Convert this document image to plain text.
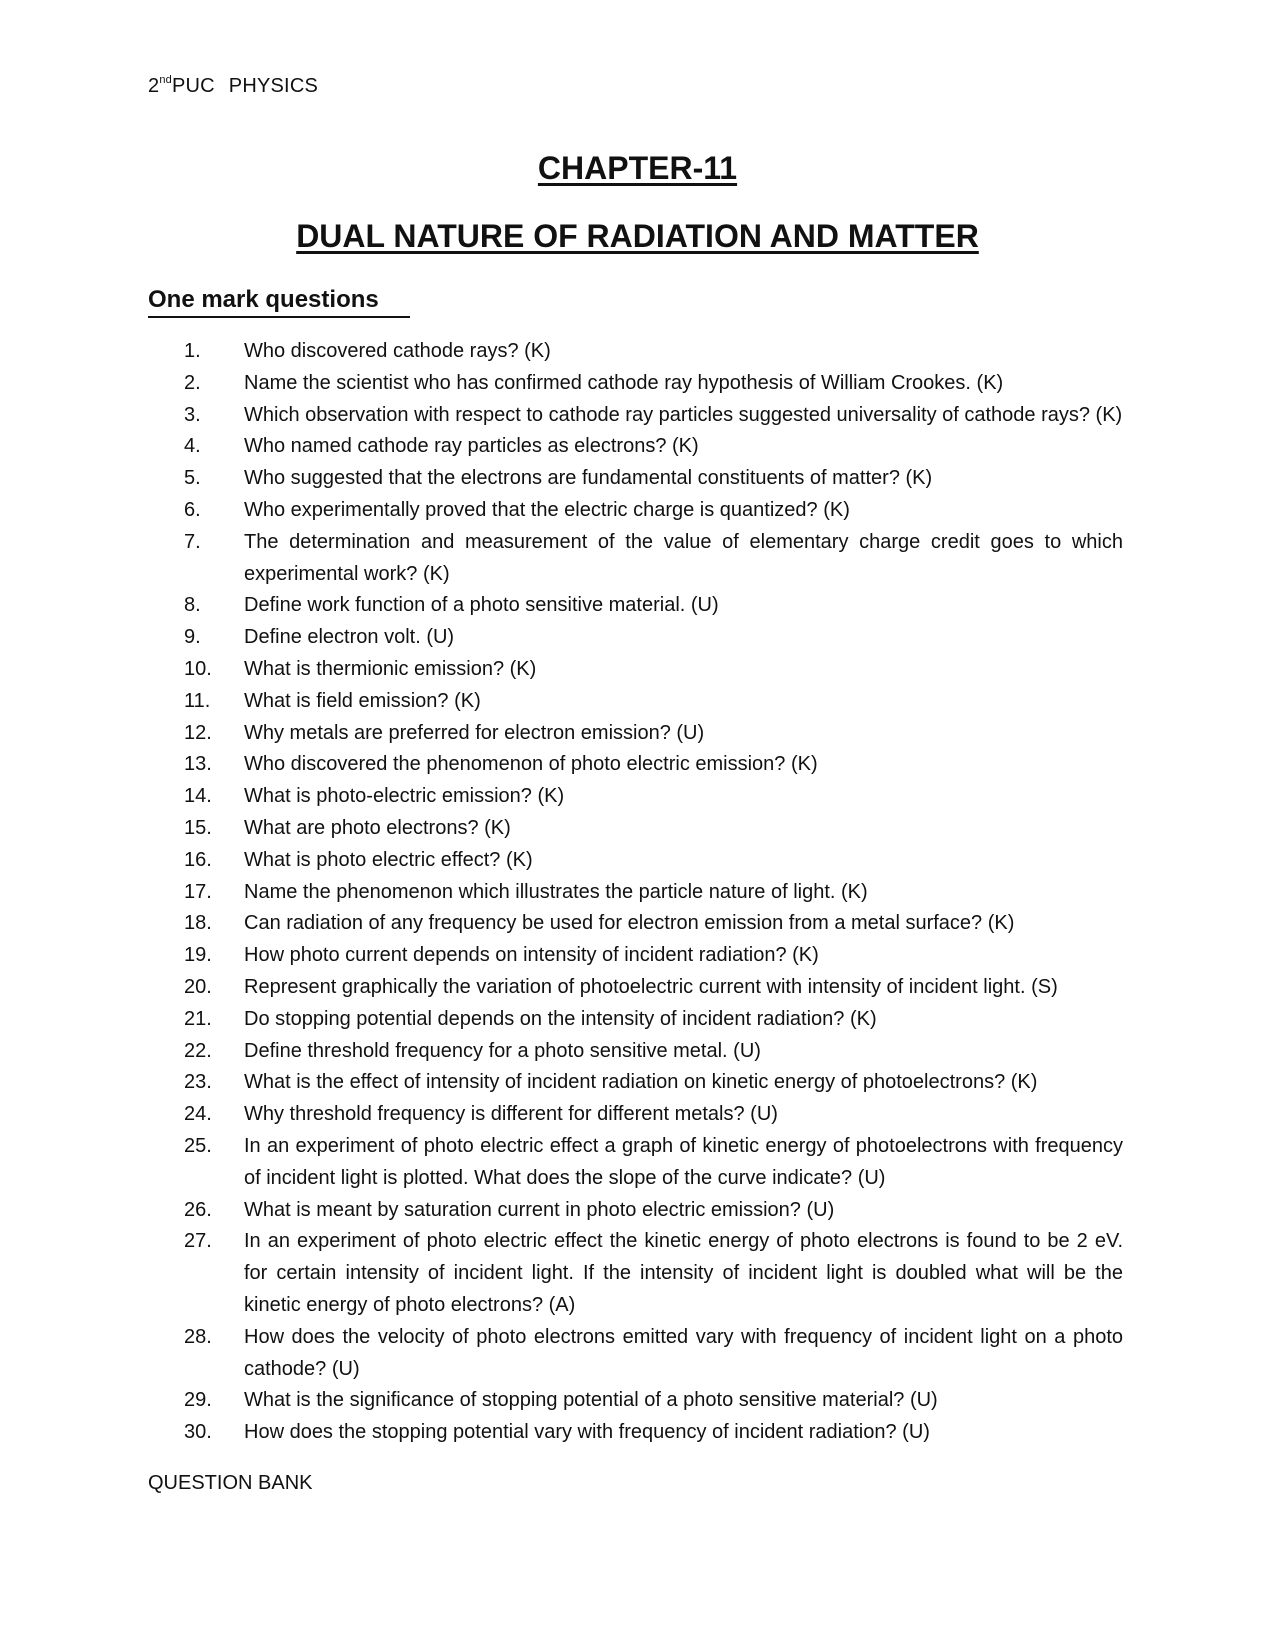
2ndPUC PHYSICS
CHAPTER-11
DUAL NATURE OF RADIATION AND MATTER
One mark questions
1.	Who discovered cathode rays? (K)
2.	Name the scientist who has confirmed cathode ray hypothesis of William Crookes. (K)
3.	Which observation with respect to cathode ray particles suggested universality of cathode rays? (K)
4.	Who named cathode ray particles as electrons? (K)
5.	Who suggested that the electrons are fundamental constituents of matter? (K)
6.	Who experimentally proved that the electric charge is quantized? (K)
7.	The determination and measurement of the value of elementary charge credit goes to which experimental work? (K)
8.	Define work function of a photo sensitive material. (U)
9.	Define electron volt. (U)
10.	What is thermionic emission? (K)
11.	What is field emission? (K)
12.	Why metals are preferred for electron emission? (U)
13.	Who discovered the phenomenon of photo electric emission? (K)
14.	What is photo-electric emission? (K)
15.	What are photo electrons? (K)
16.	What is photo electric effect? (K)
17.	Name the phenomenon which illustrates the particle nature of light. (K)
18.	Can radiation of any frequency be used for electron emission from a metal surface? (K)
19.	How photo current depends on intensity of incident radiation? (K)
20.	Represent graphically the variation of photoelectric current with intensity of incident light. (S)
21.	Do stopping potential depends on the intensity of incident radiation? (K)
22.	Define threshold frequency for a photo sensitive metal. (U)
23.	What is the effect of intensity of incident radiation on kinetic energy of photoelectrons? (K)
24.	Why threshold frequency is different for different metals? (U)
25.	In an experiment of photo electric effect a graph of kinetic energy of photoelectrons with frequency of incident light is plotted. What does the slope of the curve indicate? (U)
26.	What is meant by saturation current in photo electric emission? (U)
27.	In an experiment of photo electric effect the kinetic energy of photo electrons is found to be 2 eV. for certain intensity of incident light. If the intensity of incident light is doubled what will be the kinetic energy of photo electrons? (A)
28.	How does the velocity of photo electrons emitted vary with frequency of incident light on a photo cathode? (U)
29.	What is the significance of stopping potential of a photo sensitive material? (U)
30.	How does the stopping potential vary with frequency of incident radiation? (U)
QUESTION BANK
